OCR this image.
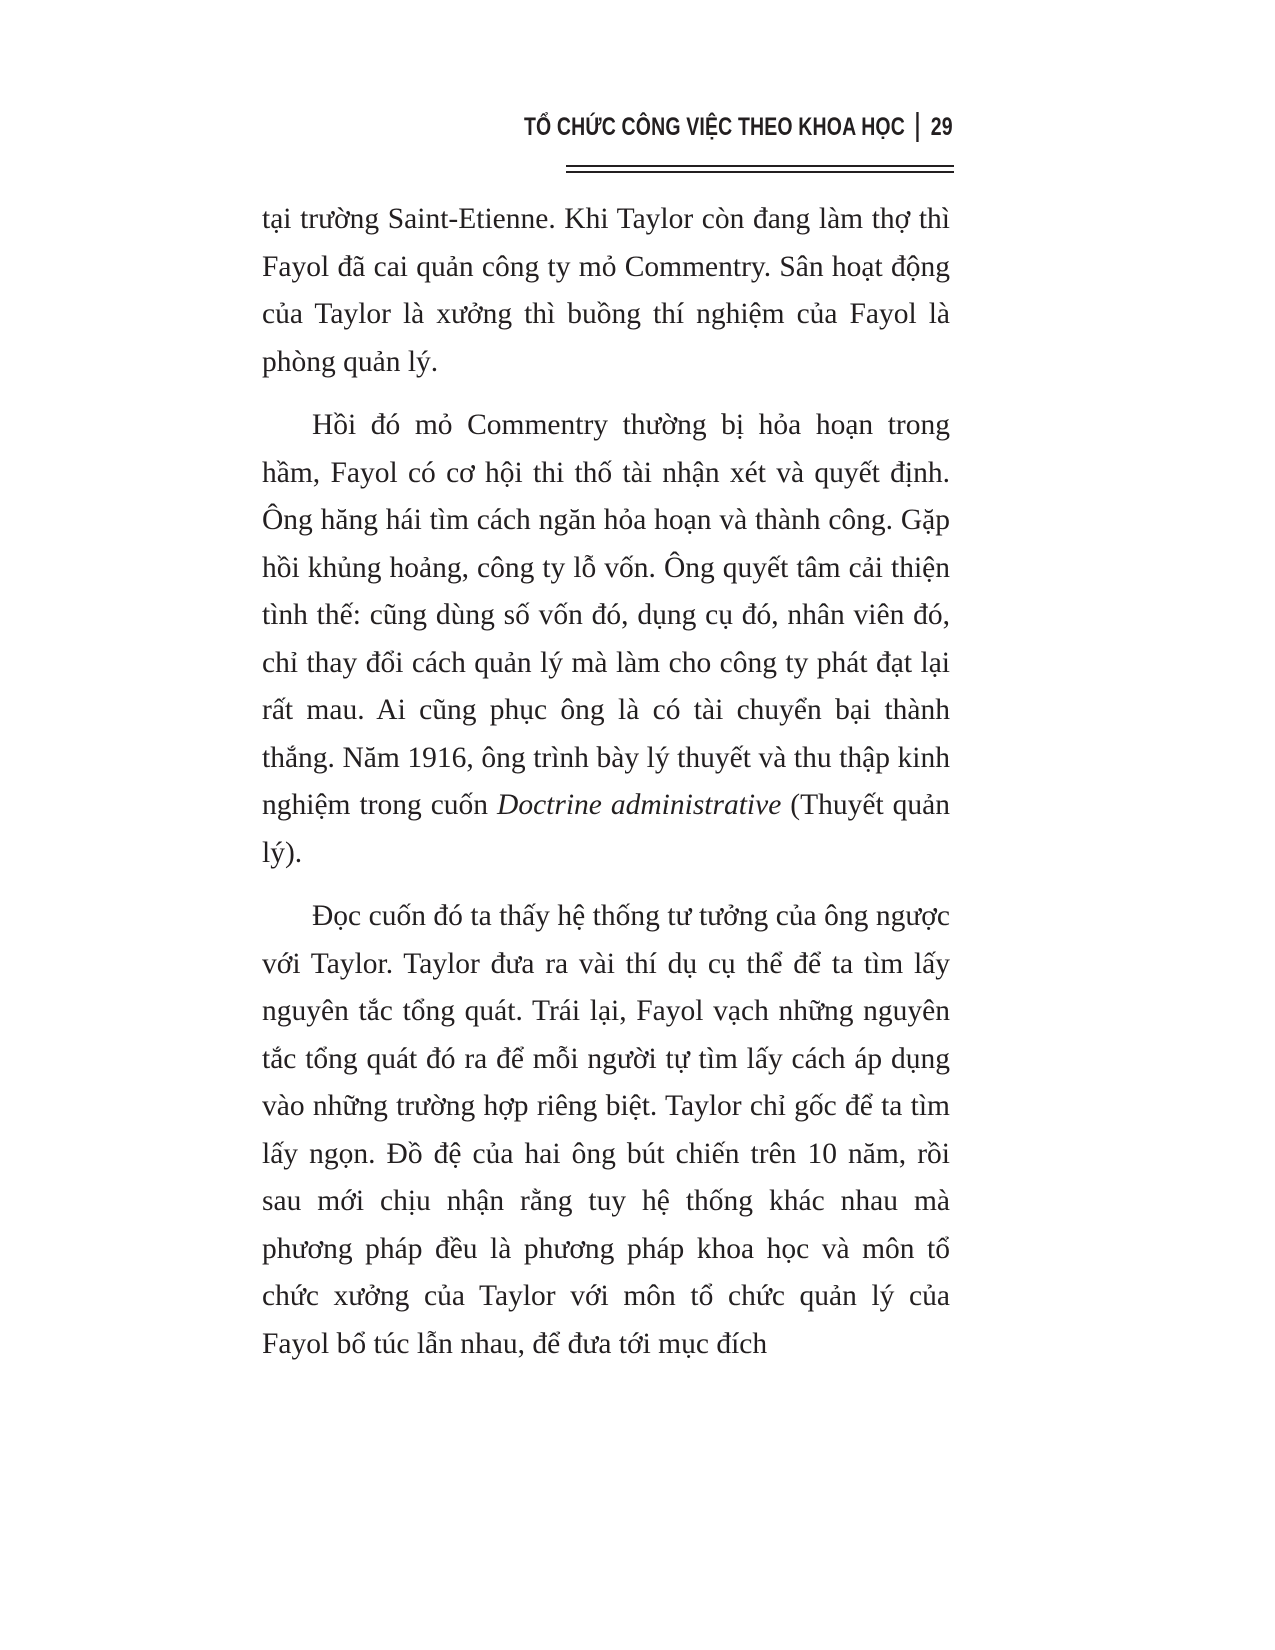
TỔ CHỨC CÔNG VIỆC THEO KHOA HỌC 29

tại trường Saint-Etienne. Khi Taylor còn đang làm thợ thì Fayol đã cai quản công ty mỏ Commentry. Sân hoạt động của Taylor là xưởng thì buồng thí nghiệm của Fayol là phòng quản lý.

Hồi đó mỏ Commentry thường bị hỏa hoạn trong hầm, Fayol có cơ hội thi thố tài nhận xét và quyết định. Ông hăng hái tìm cách ngăn hỏa hoạn và thành công. Gặp hồi khủng hoảng, công ty lỗ vốn. Ông quyết tâm cải thiện tình thế: cũng dùng số vốn đó, dụng cụ đó, nhân viên đó, chỉ thay đổi cách quản lý mà làm cho công ty phát đạt lại rất mau. Ai cũng phục ông là có tài chuyển bại thành thắng. Năm 1916, ông trình bày lý thuyết và thu thập kinh nghiệm trong cuốn Doctrine administrative (Thuyết quản lý).

Đọc cuốn đó ta thấy hệ thống tư tưởng của ông ngược với Taylor. Taylor đưa ra vài thí dụ cụ thể để ta tìm lấy nguyên tắc tổng quát. Trái lại, Fayol vạch những nguyên tắc tổng quát đó ra để mỗi người tự tìm lấy cách áp dụng vào những trường hợp riêng biệt. Taylor chỉ gốc để ta tìm lấy ngọn. Đồ đệ của hai ông bút chiến trên 10 năm, rồi sau mới chịu nhận rằng tuy hệ thống khác nhau mà phương pháp đều là phương pháp khoa học và môn tổ chức xưởng của Taylor với môn tổ chức quản lý của Fayol bổ túc lẫn nhau, để đưa tới mục đích
